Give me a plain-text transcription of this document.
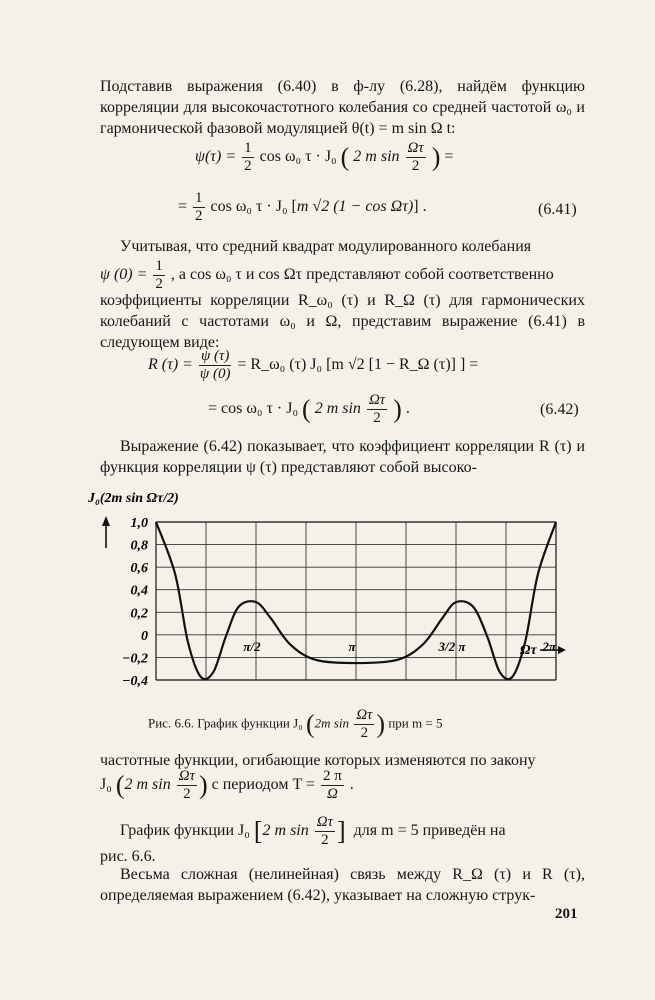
Подставив выражения (6.40) в ф-лу (6.28), найдём функцию корреляции для высокочастотного колебания со средней частотой ω₀ и гармонической фазовой модуляцией θ(t) = m sin Ω t:

$\psi(\tau) = \frac{1}{2}$ cos ω₀ τ · J₀ ( 2 m $\sin \frac{\Omega\tau}{2}$ ) =
= $\frac{1}{2}$ cos ω₀ τ · J₀ [m √2 (1 − cos Ωτ)] .	(6.41)

Учитывая, что средний квадрат модулированного колебания

ψ $(0) = \frac{1}{2}$ , а cos ω₀ τ и cos Ωτ представляют собой соответственно

коэффициенты корреляции R_ω₀ (τ) и R_Ω (τ) для гармонических колебаний с частотами ω₀ и Ω, представим выражение (6.41) в следующем виде:

R $(\tau) = \frac{\psi (\tau)}{\psi (0)}$ = R_ω₀ (τ) J₀ [m √2 [1 − R_Ω (τ)] ] =
= cos ω₀ τ · J₀ ( 2 m $\sin \frac{\Omega\tau}{2}$ ) .	(6.42)

Выражение (6.42) показывает, что коэффициент корреляции R (τ) и функция корреляции ψ (τ) представляют собой высоко-

1,0
0,8
0,6
0,4
0,2
0
−0,2
−0,4
π/2	π	3/2 π	2π
J₀(2m sin Ωτ/2)
Ωτ
Рис. 6.6. График функции J₀ (2m $\sin \frac{\Omega\tau}{2}$ ) при m = 5

частотные функции, огибающие которых изменяются по закону

J₀ (2 m $\sin \frac{\Omega\tau}{2}$ ) с периодом $T = \frac{2 \pi}{\Omega}$ .
График функции J₀ [2 m $\sin \frac{\Omega\tau}{2}$ ] для m = 5 приведён на

рис. 6.6.

Весьма сложная (нелинейная) связь между R_Ω (τ) и R (τ), определяемая выражением (6.42), указывает на сложную струк-

201
